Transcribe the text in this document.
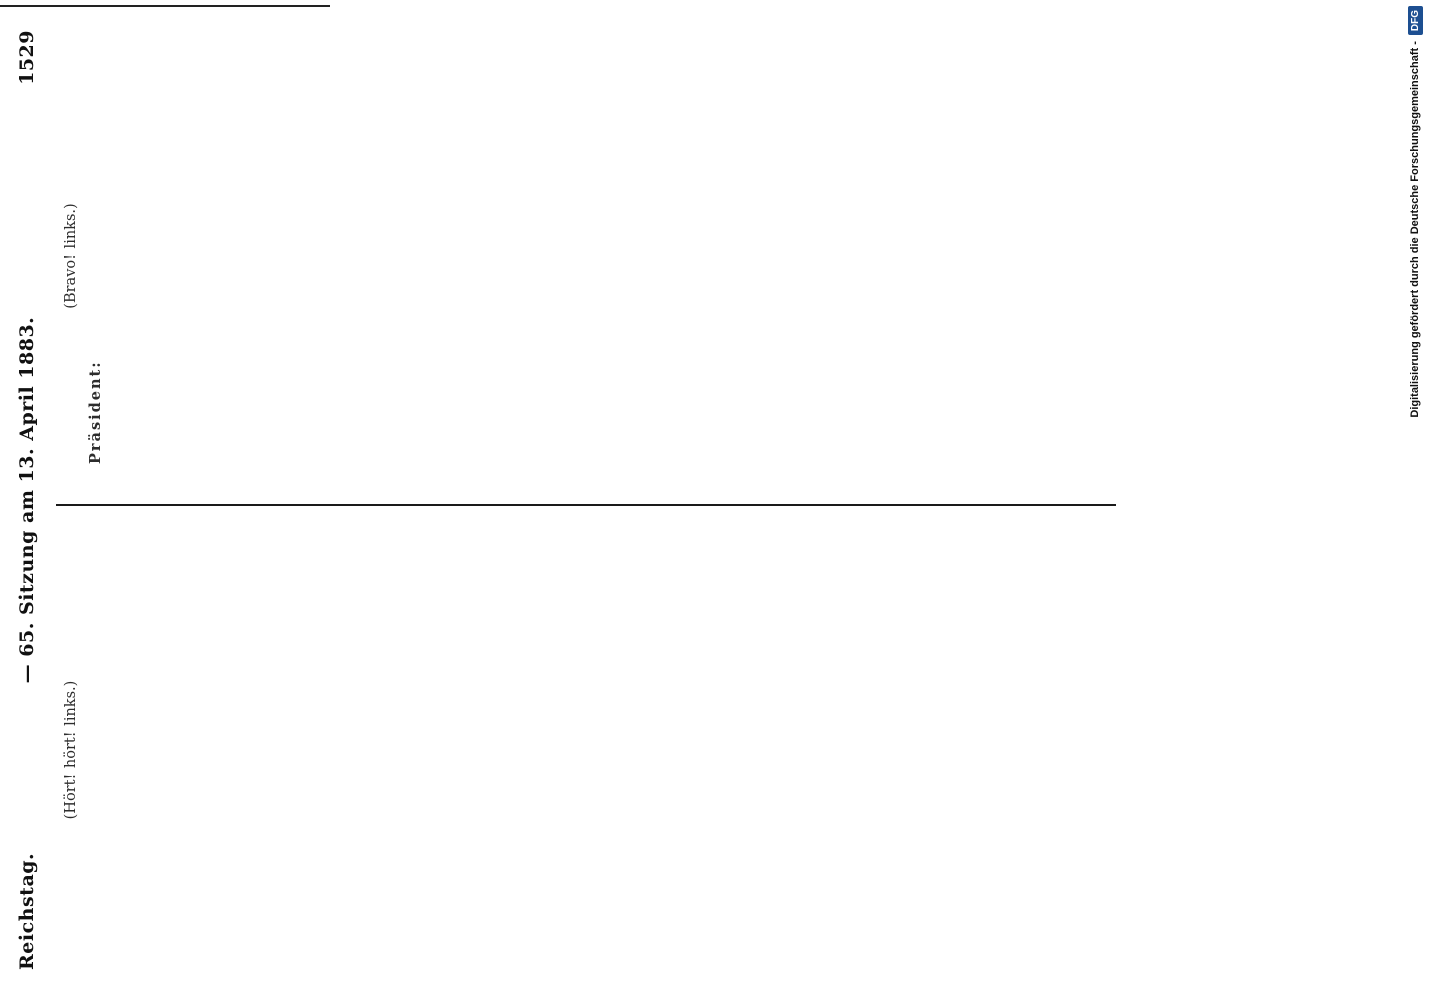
Reichstag.
— 65. Sitzung am 13. April 1883.
1529

(Hört! hört! links.)

(Bravo! links.)

Präsident:	Digitalisierung gefördert durch die Deutsche Forschungsgemeinschaft -
DFG
